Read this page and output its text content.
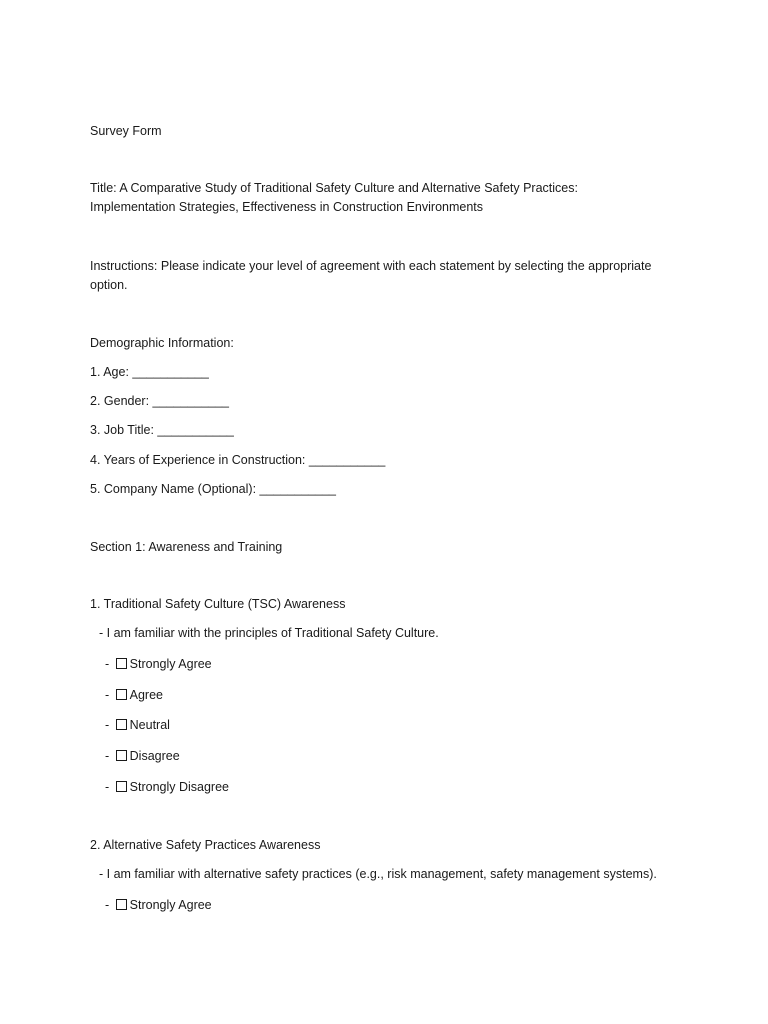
Survey Form
Title: A Comparative Study of Traditional Safety Culture and Alternative Safety Practices:
Implementation Strategies, Effectiveness in Construction Environments
Instructions: Please indicate your level of agreement with each statement by selecting the appropriate
option.
Demographic Information:
1. Age: ___________
2. Gender: ___________
3. Job Title: ___________
4. Years of Experience in Construction: ___________
5. Company Name (Optional): ___________
Section 1: Awareness and Training
1. Traditional Safety Culture (TSC) Awareness
- I am familiar with the principles of Traditional Safety Culture.
- Strongly Agree
- Agree
- Neutral
- Disagree
- Strongly Disagree
2. Alternative Safety Practices Awareness
- I am familiar with alternative safety practices (e.g., risk management, safety management systems).
- Strongly Agree
